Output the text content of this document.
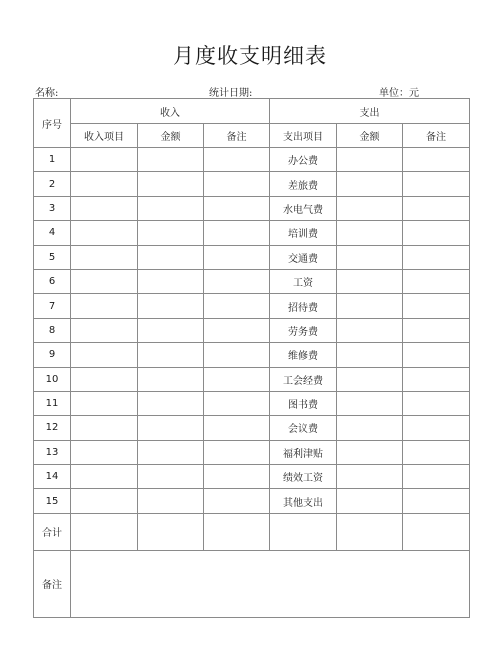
月度收支明细表
名称:	统计日期:	单位：元
序号	收入			支出		
	收入项目	金额	备注	支出项目	金额	备注
1				办公费		
2				差旅费		
3				水电气费		
4				培训费		
5				交通费		
6				工资		
7				招待费		
8				劳务费		
9				维修费		
10				工会经费		
11				图书费		
12				会议费		
13				福利津贴		
14				绩效工资		
15				其他支出		
合计						
备注						
